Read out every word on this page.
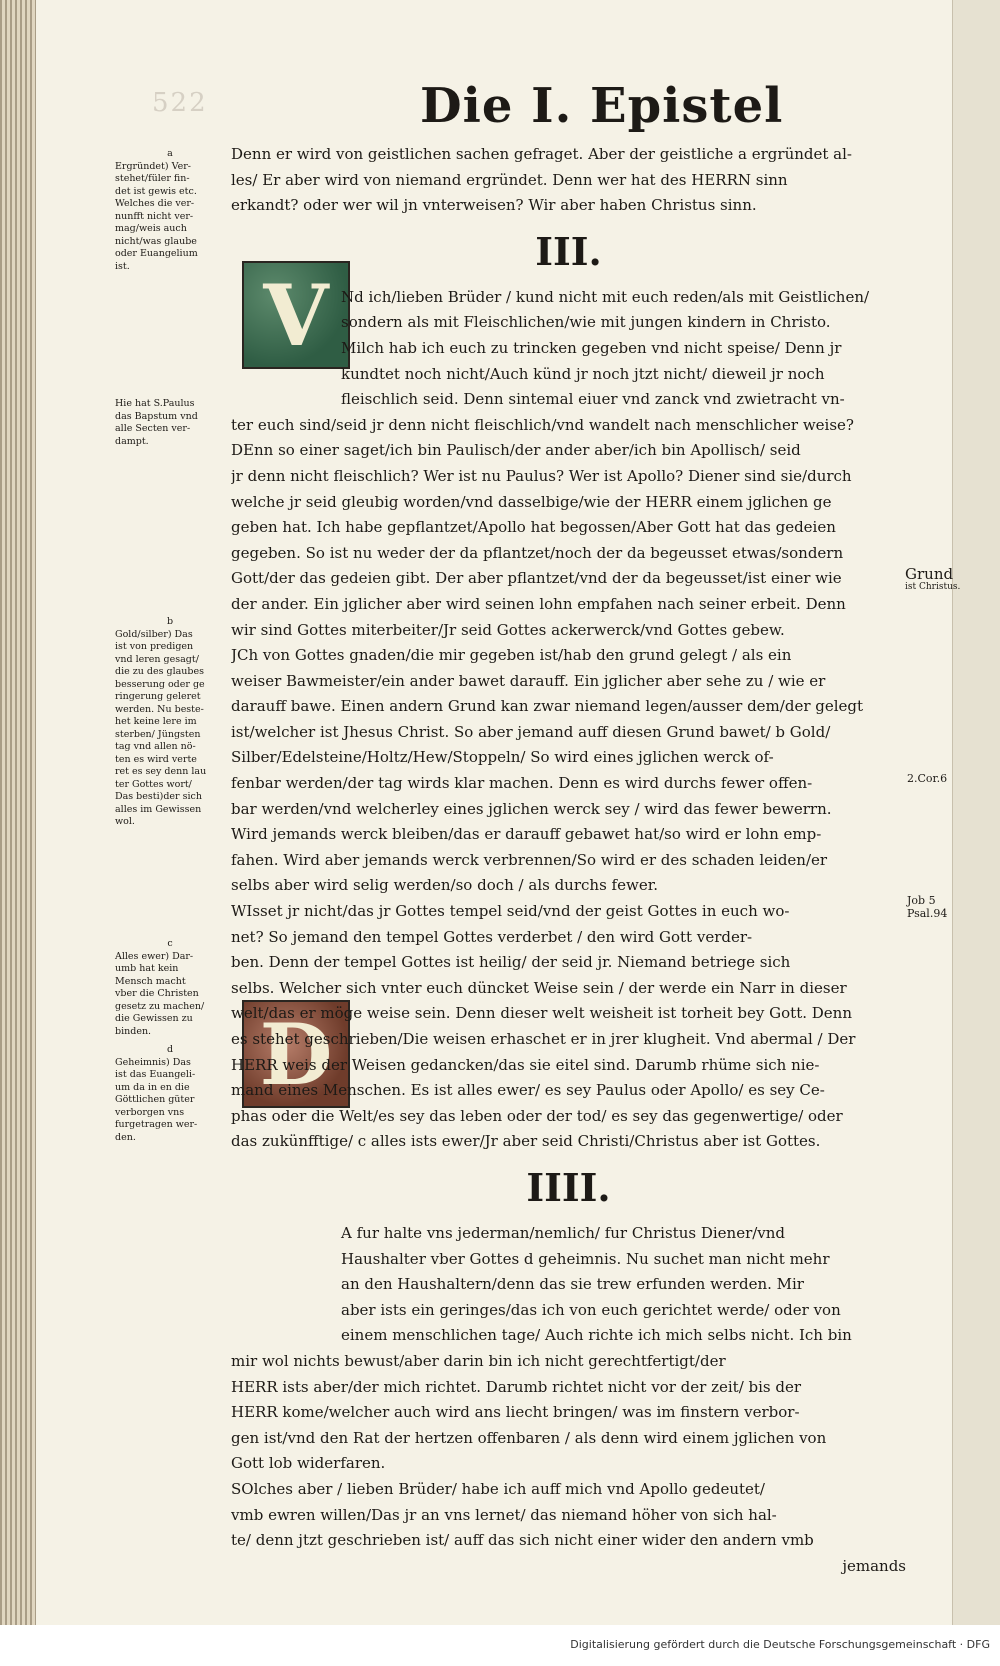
522	Die I. Epistel
V
D
Denn er wird von geistlichen sachen gefraget. Aber der geistliche a ergründet al-
les/ Er aber wird von niemand ergründet. Denn wer hat des HERRN sinn
erkandt? oder wer wil jn vnterweisen? Wir aber haben Christus sinn.
III.
Nd ich/lieben Brüder / kund nicht mit euch reden/als mit Geistlichen/
sondern als mit Fleischlichen/wie mit jungen kindern in Christo.
Milch hab ich euch zu trincken gegeben vnd nicht speise/ Denn jr
kundtet noch nicht/Auch künd jr noch jtzt nicht/ dieweil jr noch
fleischlich seid. Denn sintemal eiuer vnd zanck vnd zwietracht vn-
ter euch sind/seid jr denn nicht fleischlich/vnd wandelt nach menschlicher weise?
DEnn so einer saget/ich bin Paulisch/der ander aber/ich bin Apollisch/ seid
jr denn nicht fleischlich? Wer ist nu Paulus? Wer ist Apollo? Diener sind sie/durch
welche jr seid gleubig worden/vnd dasselbige/wie der HERR einem jglichen ge
geben hat. Ich habe gepflantzet/Apollo hat begossen/Aber Gott hat das gedeien
gegeben. So ist nu weder der da pflantzet/noch der da begeusset etwas/sondern
Gott/der das gedeien gibt. Der aber pflantzet/vnd der da begeusset/ist einer wie
der ander. Ein jglicher aber wird seinen lohn empfahen nach seiner erbeit. Denn
wir sind Gottes miterbeiter/Jr seid Gottes ackerwerck/vnd Gottes gebew.
JCh von Gottes gnaden/die mir gegeben ist/hab den grund gelegt / als ein
weiser Bawmeister/ein ander bawet darauff. Ein jglicher aber sehe zu / wie er
darauff bawe. Einen andern Grund kan zwar niemand legen/ausser dem/der gelegt
ist/welcher ist Jhesus Christ. So aber jemand auff diesen Grund bawet/ b Gold/
Silber/Edelsteine/Holtz/Hew/Stoppeln/ So wird eines jglichen werck of-
fenbar werden/der tag wirds klar machen. Denn es wird durchs fewer offen-
bar werden/vnd welcherley eines jglichen werck sey / wird das fewer bewerrn.
Wird jemands werck bleiben/das er darauff gebawet hat/so wird er lohn emp-
fahen. Wird aber jemands werck verbrennen/So wird er des schaden leiden/er
selbs aber wird selig werden/so doch / als durchs fewer.
WIsset jr nicht/das jr Gottes tempel seid/vnd der geist Gottes in euch wo-
net? So jemand den tempel Gottes verderbet / den wird Gott verder-
ben. Denn der tempel Gottes ist heilig/ der seid jr. Niemand betriege sich
selbs. Welcher sich vnter euch düncket Weise sein / der werde ein Narr in dieser
welt/das er möge weise sein. Denn dieser welt weisheit ist torheit bey Gott. Denn
es stehet geschrieben/Die weisen erhaschet er in jrer klugheit. Vnd abermal / Der
HERR weis der Weisen gedancken/das sie eitel sind. Darumb rhüme sich nie-
mand eines Menschen. Es ist alles ewer/ es sey Paulus oder Apollo/ es sey Ce-
phas oder die Welt/es sey das leben oder der tod/ es sey das gegenwertige/ oder
das zukünfftige/ c alles ists ewer/Jr aber seid Christi/Christus aber ist Gottes.
IIII.
A fur halte vns jederman/nemlich/ fur Christus Diener/vnd
Haushalter vber Gottes d geheimnis. Nu suchet man nicht mehr
an den Haushaltern/denn das sie trew erfunden werden. Mir
aber ists ein geringes/das ich von euch gerichtet werde/ oder von
einem menschlichen tage/ Auch richte ich mich selbs nicht. Ich bin
mir wol nichts bewust/aber darin bin ich nicht gerechtfertigt/der
HERR ists aber/der mich richtet. Darumb richtet nicht vor der zeit/ bis der
HERR kome/welcher auch wird ans liecht bringen/ was im finstern verbor-
gen ist/vnd den Rat der hertzen offenbaren / als denn wird einem jglichen von
Gott lob widerfaren.
SOlches aber / lieben Brüder/ habe ich auff mich vnd Apollo gedeutet/
vmb ewren willen/Das jr an vns lernet/ das niemand höher von sich hal-
te/ denn jtzt geschrieben ist/ auff das sich nicht einer wider den andern vmb
jemands
a
Ergründet) Ver-
stehet/füler fin-
det ist gewis etc.
Welches die ver-
nunfft nicht ver-
mag/weis auch
nicht/was glaube
oder Euangelium
ist.
Hie hat S.Paulus
das Bapstum vnd
alle Secten ver-
dampt.
b
Gold/silber) Das
ist von predigen
vnd leren gesagt/
die zu des glaubes
besserung oder ge
ringerung geleret
werden. Nu beste-
het keine lere im
sterben/ Jüngsten
tag vnd allen nö-
ten es wird verte
ret es sey denn lau
ter Gottes wort/
Das besti)der sich
alles im Gewissen
wol.
c
Alles ewer) Dar-
umb hat kein
Mensch macht
vber die Christen
gesetz zu machen/
die Gewissen zu
binden.
d
Geheimnis) Das
ist das Euangeli-
um da in en die
Göttlichen güter
verborgen vns
furgetragen wer-
den.
Grund
ist Christus.
2.Cor.6
Job 5
Psal.94
Digitalisierung gefördert durch die Deutsche Forschungsgemeinschaft · DFG
